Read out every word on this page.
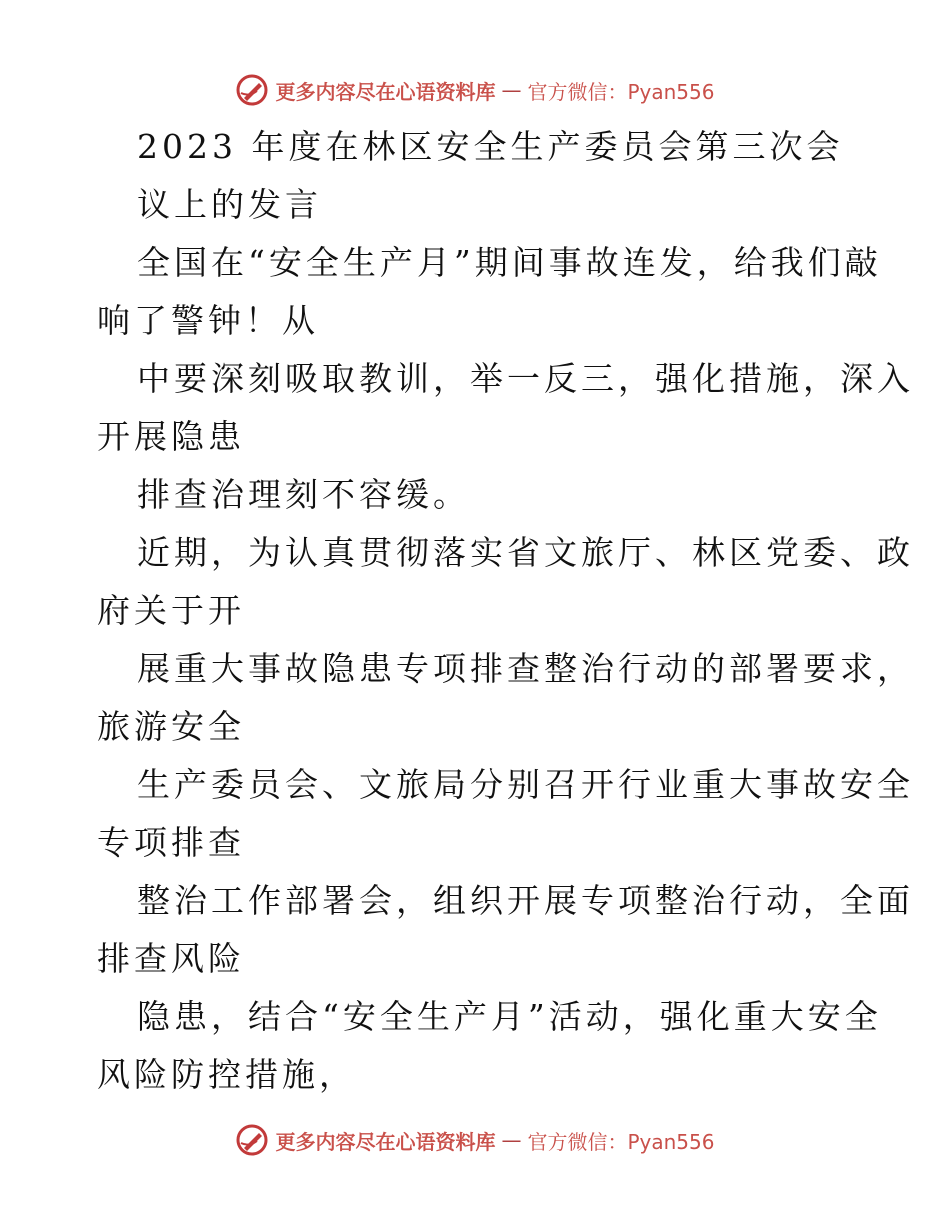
更多内容尽在心语资料库 — 官方微信：Pyan556
2023 年度在林区安全生产委员会第三次会
议上的发言
全国在“安全生产月”期间事故连发，给我们敲
响了警钟！从
中要深刻吸取教训，举一反三，强化措施，深入
开展隐患
排查治理刻不容缓。
近期，为认真贯彻落实省文旅厅、林区党委、政
府关于开
展重大事故隐患专项排查整治行动的部署要求，
旅游安全
生产委员会、文旅局分别召开行业重大事故安全
专项排查
整治工作部署会，组织开展专项整治行动，全面
排查风险
隐患，结合“安全生产月”活动，强化重大安全
风险防控措施，
更多内容尽在心语资料库 — 官方微信：Pyan556
